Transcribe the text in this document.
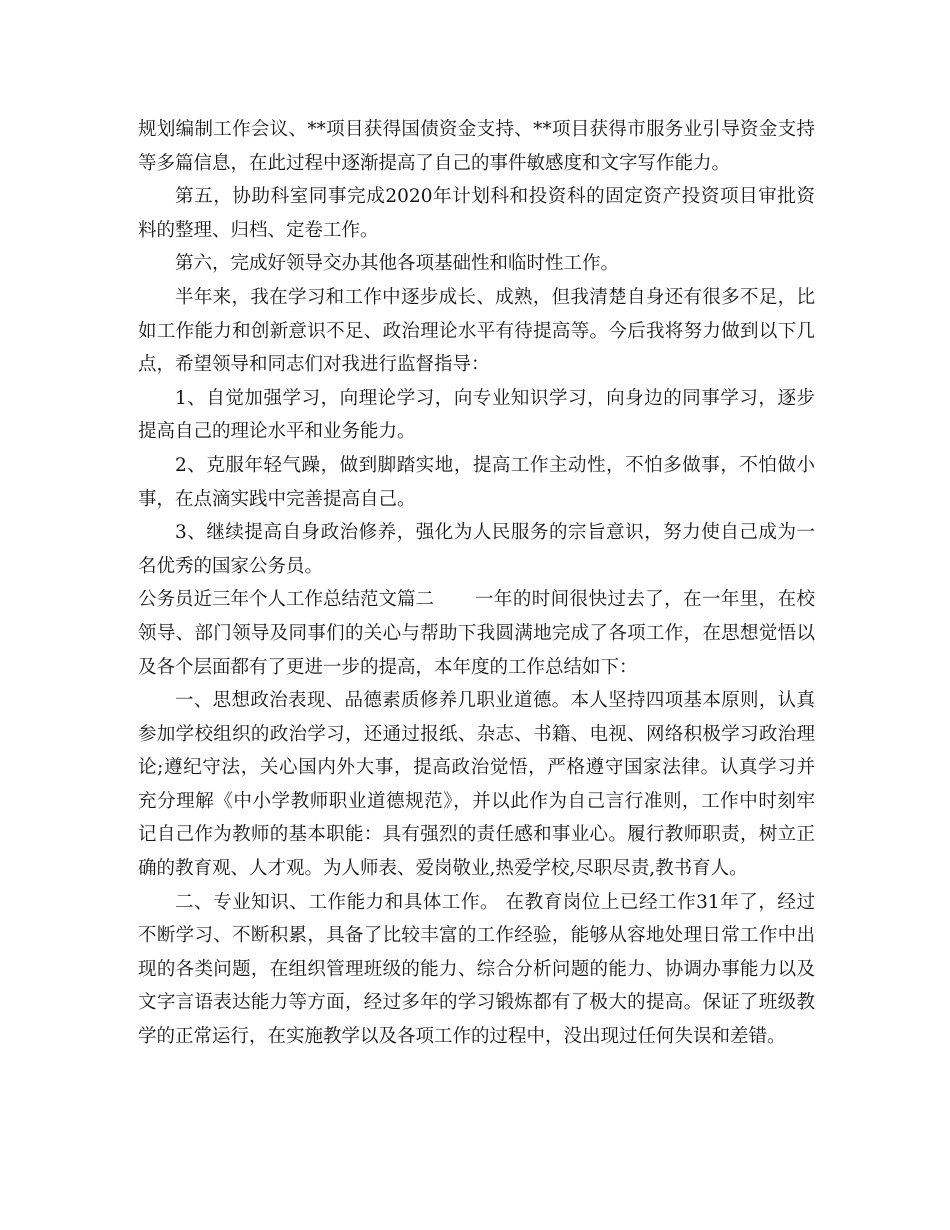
规划编制工作会议、**项目获得国债资金支持、**项目获得市服务业引导资金支持
等多篇信息，在此过程中逐渐提高了自己的事件敏感度和文字写作能力。
第五，协助科室同事完成2020年计划科和投资科的固定资产投资项目审批资
料的整理、归档、定卷工作。
第六，完成好领导交办其他各项基础性和临时性工作。
半年来，我在学习和工作中逐步成长、成熟，但我清楚自身还有很多不足，比
如工作能力和创新意识不足、政治理论水平有待提高等。今后我将努力做到以下几
点，希望领导和同志们对我进行监督指导：
1、自觉加强学习，向理论学习，向专业知识学习，向身边的同事学习，逐步
提高自己的理论水平和业务能力。
2、克服年轻气躁，做到脚踏实地，提高工作主动性，不怕多做事，不怕做小
事，在点滴实践中完善提高自己。
3、继续提高自身政治修养，强化为人民服务的宗旨意识，努力使自己成为一
名优秀的国家公务员。
公务员近三年个人工作总结范文篇二 一年的时间很快过去了，在一年里，在校
领导、部门领导及同事们的关心与帮助下我圆满地完成了各项工作，在思想觉悟以
及各个层面都有了更进一步的提高，本年度的工作总结如下：
一、思想政治表现、品德素质修养几职业道德。本人坚持四项基本原则，认真
参加学校组织的政治学习，还通过报纸、杂志、书籍、电视、网络积极学习政治理
论;遵纪守法，关心国内外大事，提高政治觉悟，严格遵守国家法律。认真学习并
充分理解《中小学教师职业道德规范》，并以此作为自己言行准则，工作中时刻牢
记自己作为教师的基本职能：具有强烈的责任感和事业心。履行教师职责，树立正
确的教育观、人才观。为人师表、爱岗敬业,热爱学校,尽职尽责,教书育人。
二、专业知识、工作能力和具体工作。 在教育岗位上已经工作31年了，经过
不断学习、不断积累，具备了比较丰富的工作经验，能够从容地处理日常工作中出
现的各类问题，在组织管理班级的能力、综合分析问题的能力、协调办事能力以及
文字言语表达能力等方面，经过多年的学习锻炼都有了极大的提高。保证了班级教
学的正常运行，在实施教学以及各项工作的过程中，没出现过任何失误和差错。
